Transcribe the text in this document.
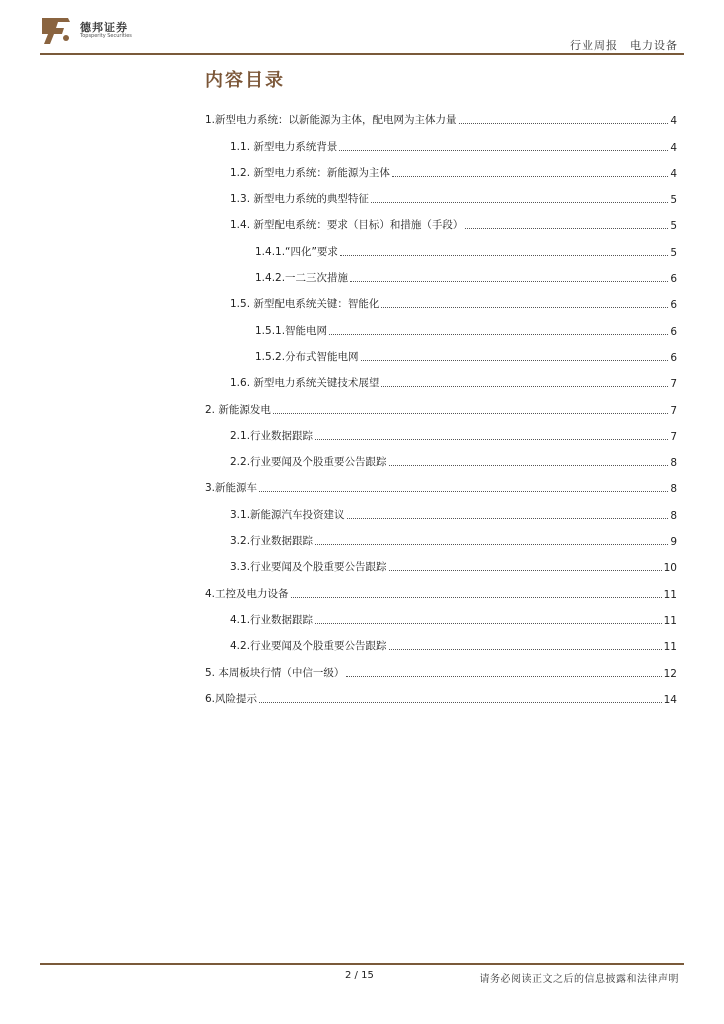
德邦证券
Topsperity Securities
行业周报 电力设备
内容目录
1.新型电力系统：以新能源为主体，配电网为主体力量	4
1.1. 新型电力系统背景	4
1.2. 新型电力系统：新能源为主体	4
1.3. 新型电力系统的典型特征	5
1.4. 新型配电系统：要求（目标）和措施（手段）	5
1.4.1.“四化”要求	5
1.4.2.一二三次措施	6
1.5. 新型配电系统关键：智能化	6
1.5.1.智能电网	6
1.5.2.分布式智能电网	6
1.6. 新型电力系统关键技术展望	7
2. 新能源发电	7
2.1.行业数据跟踪	7
2.2.行业要闻及个股重要公告跟踪	8
3.新能源车	8
3.1.新能源汽车投资建议	8
3.2.行业数据跟踪	9
3.3.行业要闻及个股重要公告跟踪	10
4.工控及电力设备	11
4.1.行业数据跟踪	11
4.2.行业要闻及个股重要公告跟踪	11
5. 本周板块行情（中信一级）	12
6.风险提示	14
2 / 15	请务必阅读正文之后的信息披露和法律声明
